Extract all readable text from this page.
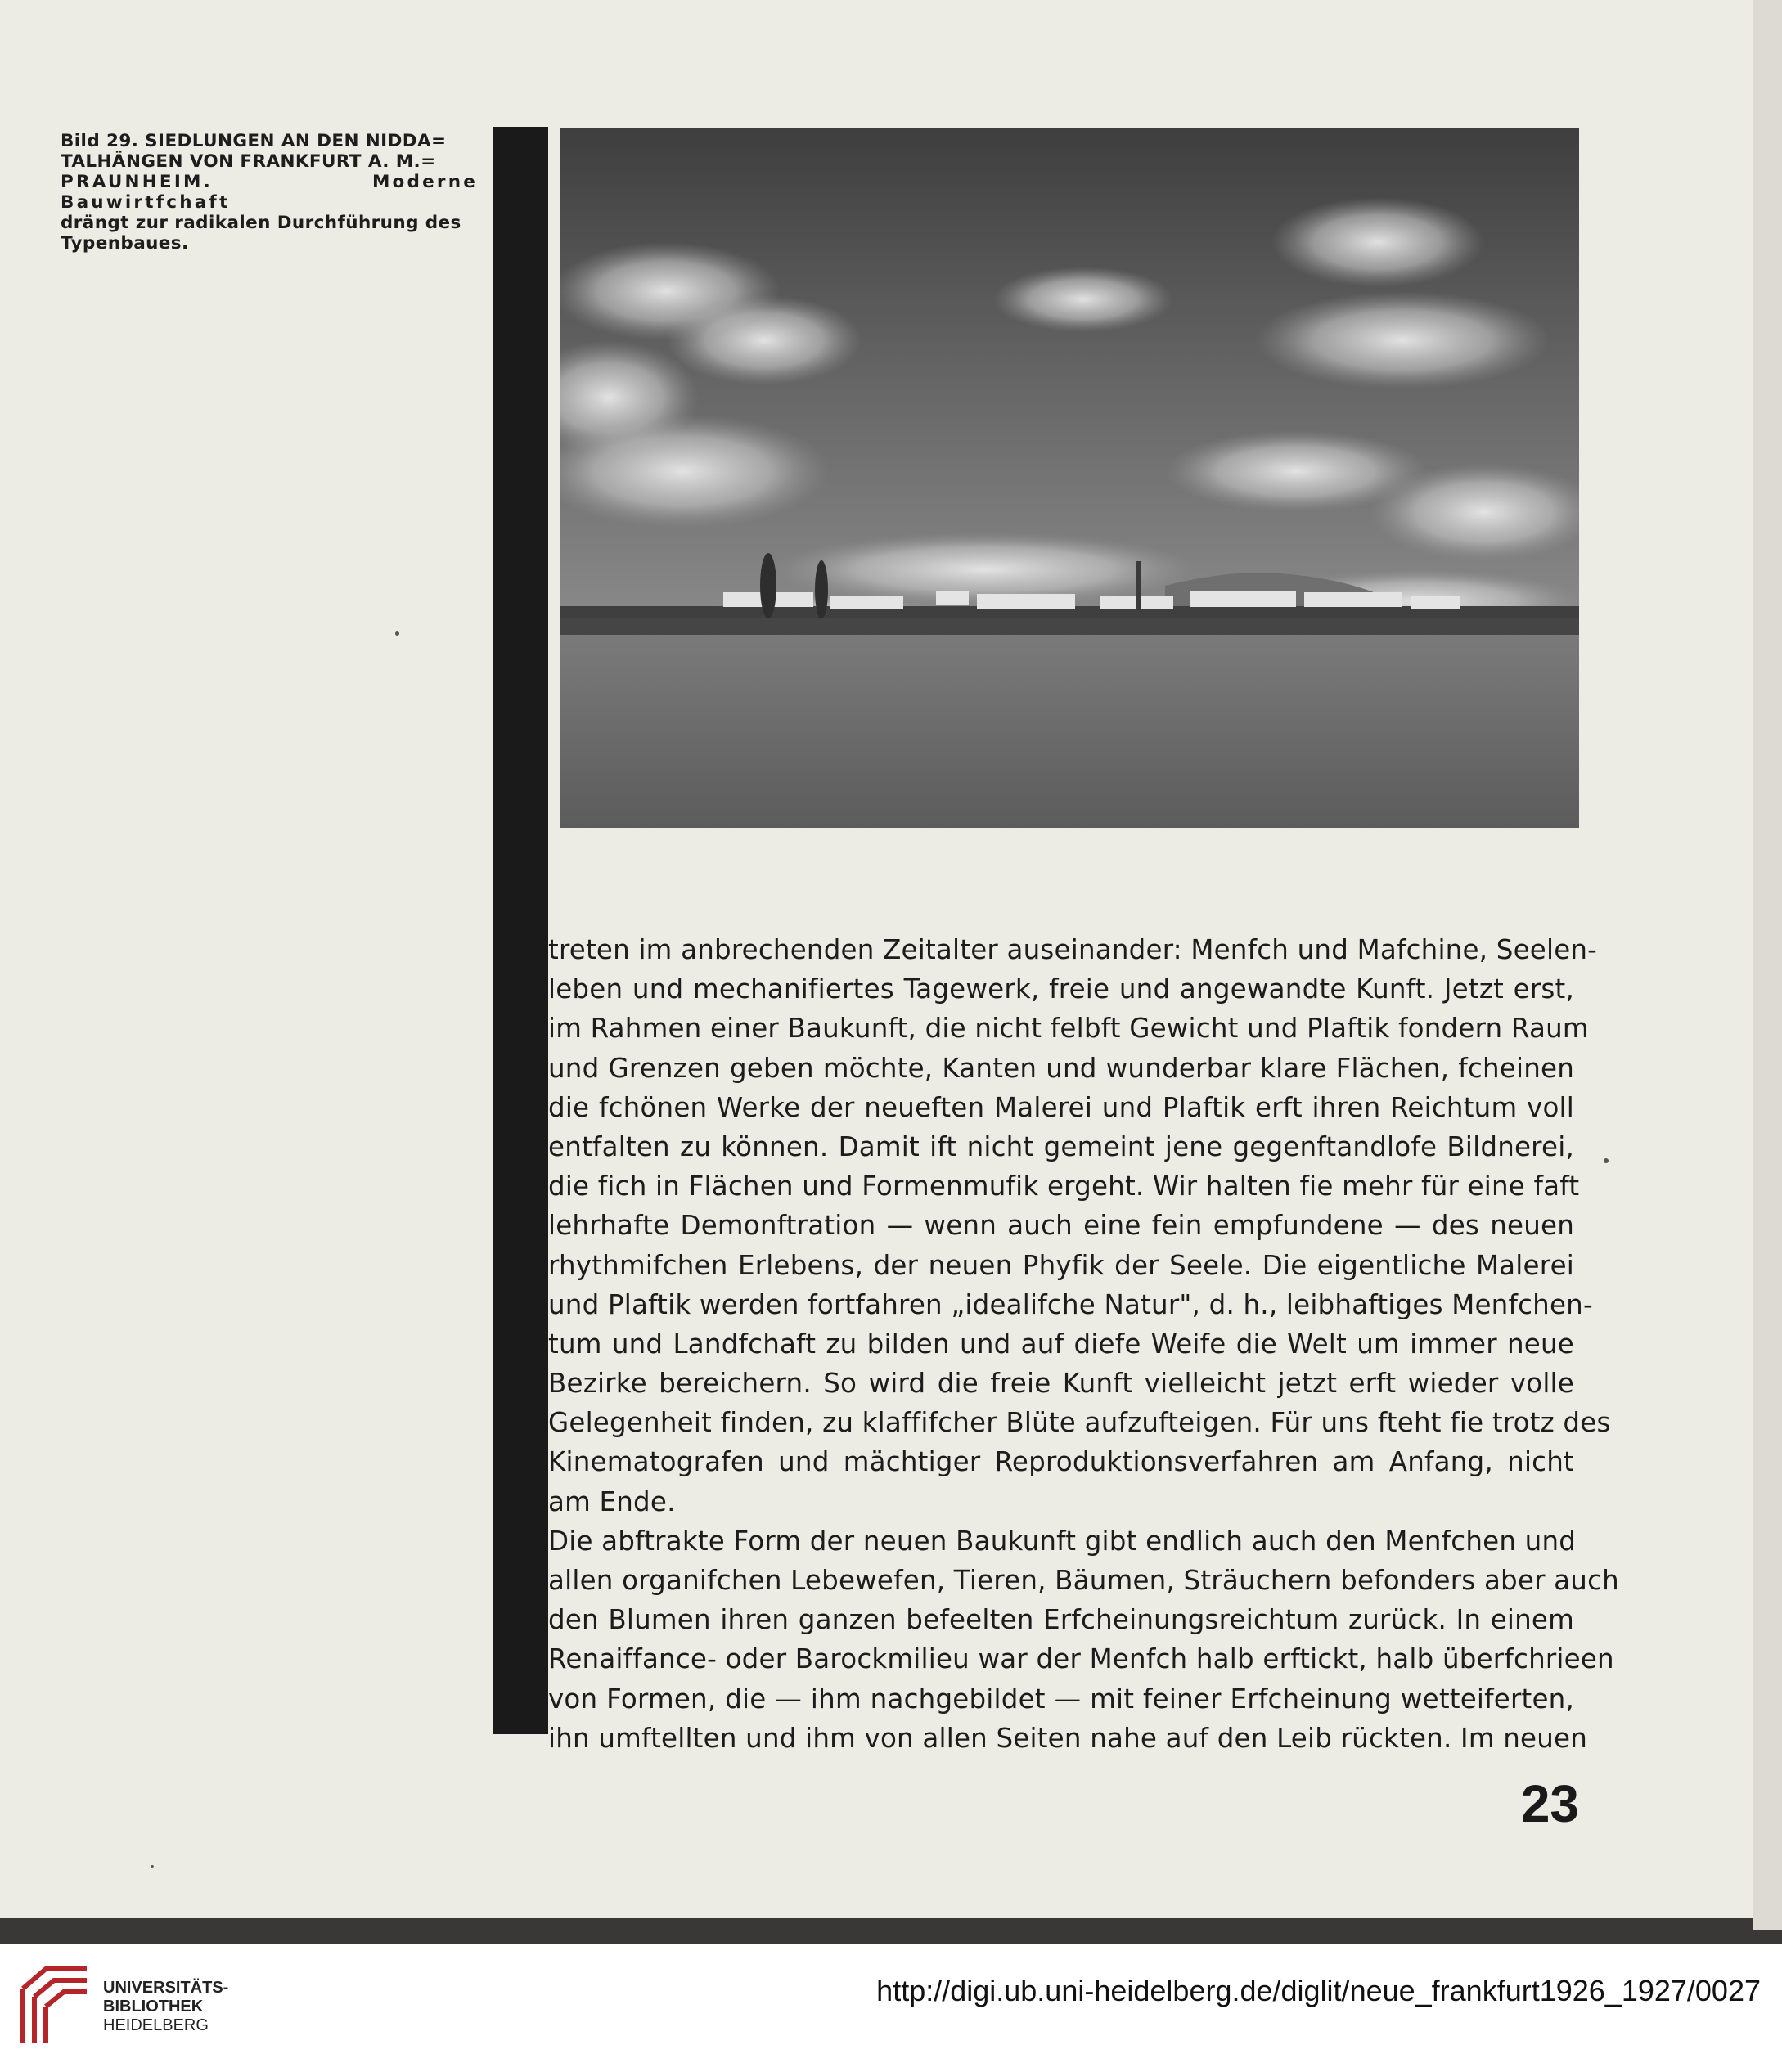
Bild 29. SIEDLUNGEN AN DEN NIDDA=
TALHÄNGEN VON FRANKFURT A. M.=
PRAUNHEIM. Moderne Bauwirtfchaft
drängt zur radikalen Durchführung des
Typenbaues.
treten im anbrechenden Zeitalter auseinander: Menfch und Mafchine, Seelen-
leben und mechanifiertes Tagewerk, freie und angewandte Kunft. Jetzt erst,
im Rahmen einer Baukunft, die nicht felbft Gewicht und Plaftik fondern Raum
und Grenzen geben möchte, Kanten und wunderbar klare Flächen, fcheinen
die fchönen Werke der neueften Malerei und Plaftik erft ihren Reichtum voll
entfalten zu können. Damit ift nicht gemeint jene gegenftandlofe Bildnerei,
die fich in Flächen und Formenmufik ergeht. Wir halten fie mehr für eine faft
lehrhafte Demonftration — wenn auch eine fein empfundene — des neuen
rhythmifchen Erlebens, der neuen Phyfik der Seele. Die eigentliche Malerei
und Plaftik werden fortfahren „idealifche Natur", d. h., leibhaftiges Menfchen-
tum und Landfchaft zu bilden und auf diefe Weife die Welt um immer neue
Bezirke bereichern. So wird die freie Kunft vielleicht jetzt erft wieder volle
Gelegenheit finden, zu klaffifcher Blüte aufzufteigen. Für uns fteht fie trotz des
Kinematografen und mächtiger Reproduktionsverfahren am Anfang, nicht
am Ende.
Die abftrakte Form der neuen Baukunft gibt endlich auch den Menfchen und
allen organifchen Lebewefen, Tieren, Bäumen, Sträuchern befonders aber auch
den Blumen ihren ganzen befeelten Erfcheinungsreichtum zurück. In einem
Renaiffance- oder Barockmilieu war der Menfch halb erftickt, halb überfchrieen
von Formen, die — ihm nachgebildet — mit feiner Erfcheinung wetteiferten,
ihn umftellten und ihm von allen Seiten nahe auf den Leib rückten. Im neuen
23
UNIVERSITÄTS-
BIBLIOTHEK
HEIDELBERG
http://digi.ub.uni-heidelberg.de/diglit/neue_frankfurt1926_1927/0027
